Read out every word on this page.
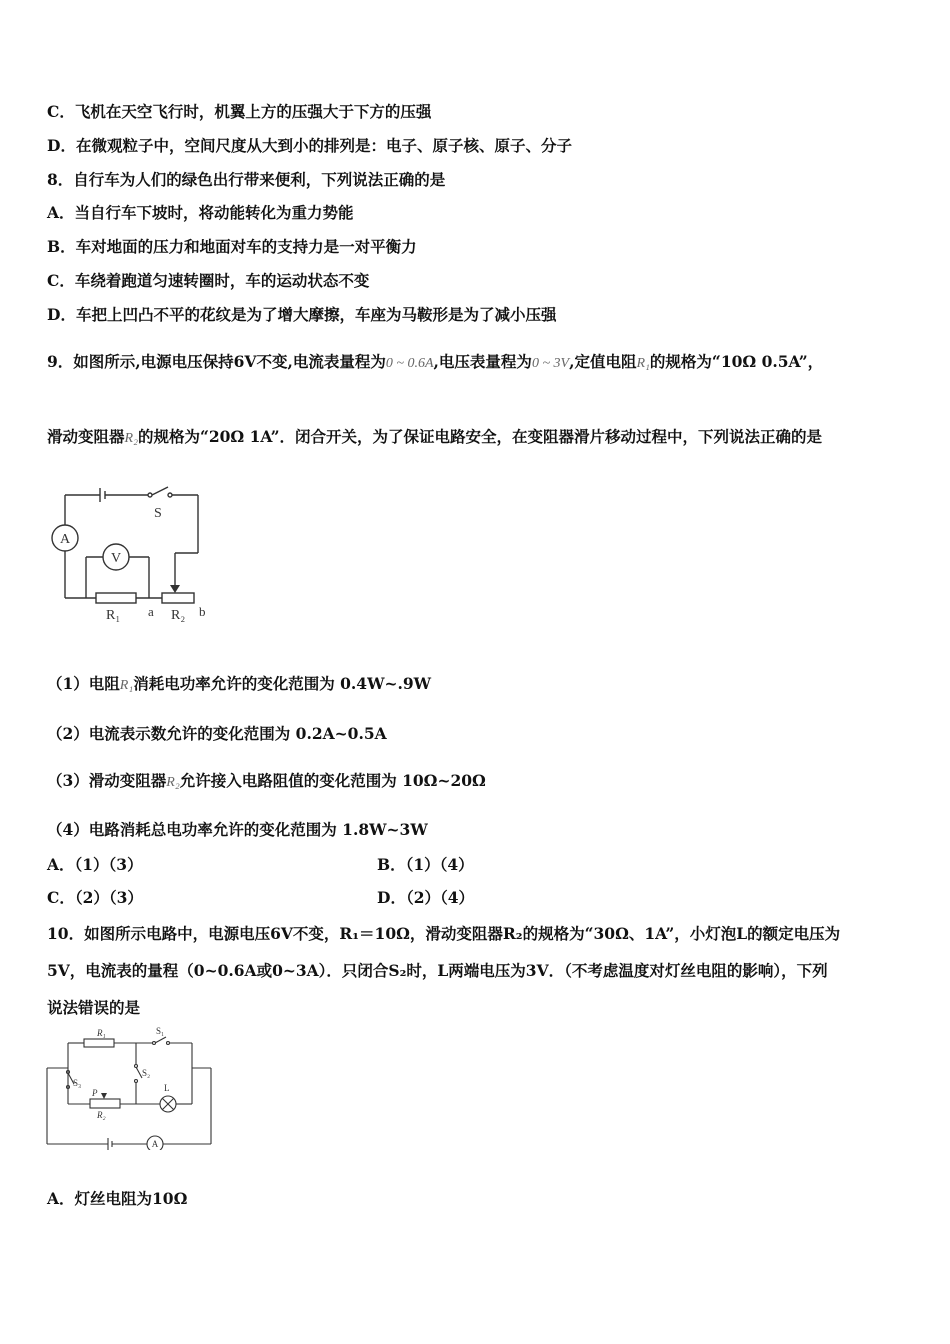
C．飞机在天空飞行时，机翼上方的压强大于下方的压强
D．在微观粒子中，空间尺度从大到小的排列是：电子、原子核、原子、分子
8．自行车为人们的绿色出行带来便利，下列说法正确的是
A．当自行车下坡时，将动能转化为重力势能
B．车对地面的压力和地面对车的支持力是一对平衡力
C．车绕着跑道匀速转圈时，车的运动状态不变
D．车把上凹凸不平的花纹是为了增大摩擦，车座为马鞍形是为了减小压强
9．如图所示,电源电压保持6V不变,电流表量程为0 ~ 0.6A,电压表量程为0 ~ 3V,定值电阻R₁的规格为“10Ω 0.5A”，
滑动变阻器R₂的规格为“20Ω 1A”．闭合开关，为了保证电路安全，在变阻器滑片移动过程中，下列说法正确的是
A
V
S
R₁ a R₂ b
（1）电阻R₁消耗电功率允许的变化范围为 0.4W~.9W
（2）电流表示数允许的变化范围为 0.2A~0.5A
（3）滑动变阻器R₂允许接入电路阻值的变化范围为 10Ω~20Ω
（4）电路消耗总电功率允许的变化范围为 1.8W~3W
A．（1）（3）	B．（1）（4）
C．（2）（3）	D．（2）（4）
10．如图所示电路中，电源电压6V不变，R₁＝10Ω，滑动变阻器R₂的规格为“30Ω、1A”，小灯泡L的额定电压为
5V，电流表的量程（0~0.6A或0~3A）．只闭合S₂时，L两端电压为3V．（不考虑温度对灯丝电阻的影响），下列
说法错误的是
R₁	S₁
S₂
S₃
P
R₂
L
A
A．灯丝电阻为10Ω
